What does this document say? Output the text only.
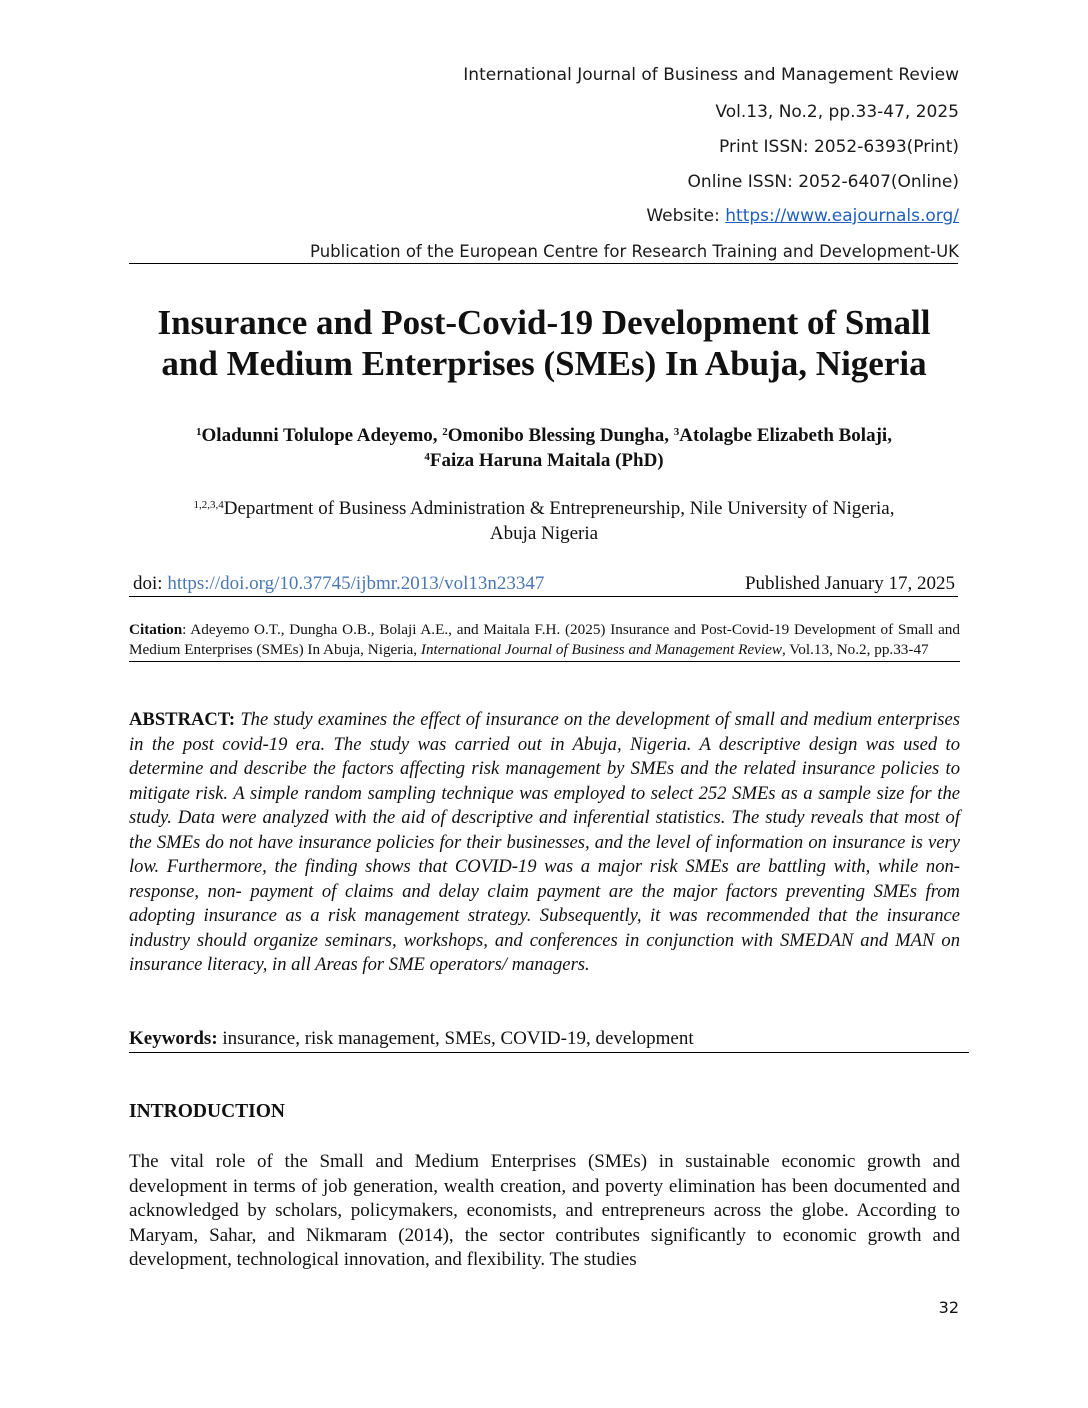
International Journal of Business and Management Review
Vol.13, No.2, pp.33-47, 2025
Print ISSN: 2052-6393(Print)
Online ISSN: 2052-6407(Online)
Website: https://www.eajournals.org/
Publication of the European Centre for Research Training and Development-UK
Insurance and Post-Covid-19 Development of Small
and Medium Enterprises (SMEs) In Abuja, Nigeria
$^1$Oladunni Tolulope Adeyemo, $^2$Omonibo Blessing Dungha, $^3$Atolagbe Elizabeth Bolaji,
$^4$Faiza Haruna Maitala (PhD)
$^{1,2,3,4}$Department of Business Administration & Entrepreneurship, Nile University of Nigeria,
Abuja Nigeria
doi: https://doi.org/10.37745/ijbmr.2013/vol13n23347	Published January 17, 2025
Citation: Adeyemo O.T., Dungha O.B., Bolaji A.E., and Maitala F.H. (2025) Insurance and Post-Covid-19 Development of Small and Medium Enterprises (SMEs) In Abuja, Nigeria, International Journal of Business and Management Review, Vol.13, No.2, pp.33-47
ABSTRACT: The study examines the effect of insurance on the development of small and medium enterprises in the post covid-19 era. The study was carried out in Abuja, Nigeria. A descriptive design was used to determine and describe the factors affecting risk management by SMEs and the related insurance policies to mitigate risk. A simple random sampling technique was employed to select 252 SMEs as a sample size for the study. Data were analyzed with the aid of descriptive and inferential statistics. The study reveals that most of the SMEs do not have insurance policies for their businesses, and the level of information on insurance is very low. Furthermore, the finding shows that COVID-19 was a major risk SMEs are battling with, while non-response, non- payment of claims and delay claim payment are the major factors preventing SMEs from adopting insurance as a risk management strategy. Subsequently, it was recommended that the insurance industry should organize seminars, workshops, and conferences in conjunction with SMEDAN and MAN on insurance literacy, in all Areas for SME operators/ managers.
Keywords: insurance, risk management, SMEs, COVID-19, development
INTRODUCTION
The vital role of the Small and Medium Enterprises (SMEs) in sustainable economic growth and development in terms of job generation, wealth creation, and poverty elimination has been documented and acknowledged by scholars, policymakers, economists, and entrepreneurs across the globe. According to Maryam, Sahar, and Nikmaram (2014), the sector contributes significantly to economic growth and development, technological innovation, and flexibility. The studies
32
